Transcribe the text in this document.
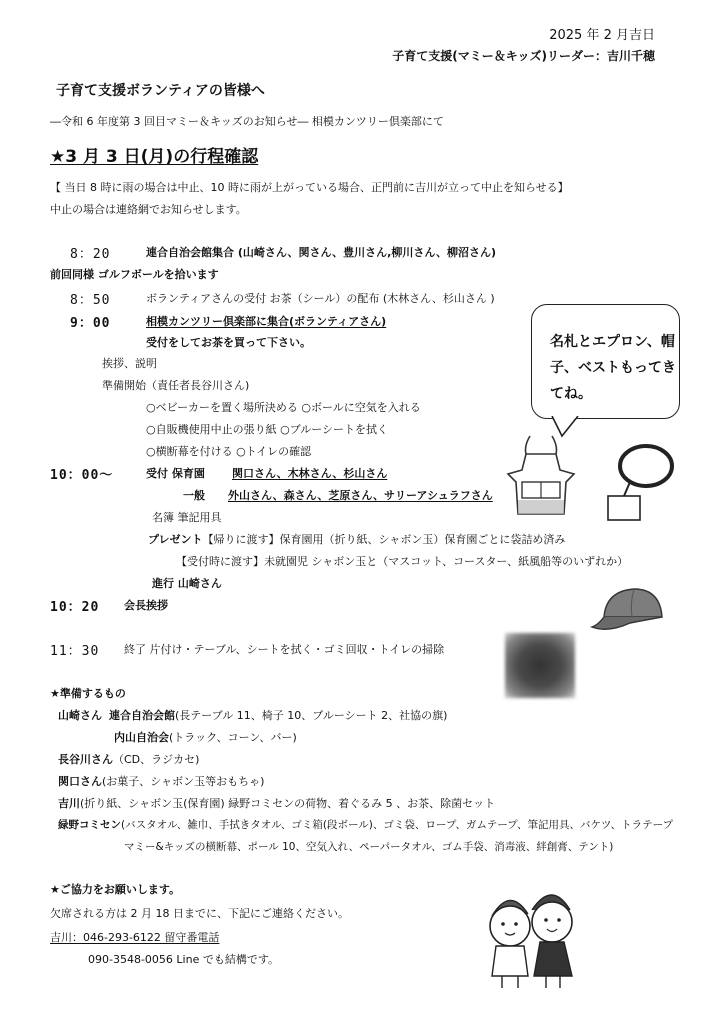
2025 年 2 月吉日
子育て支援(マミー＆キッズ)リーダー：吉川千穂
子育て支援ボランティアの皆様へ
―令和 6 年度第 3 回目マミー＆キッズのお知らせ― 相模カンツリー倶楽部にて
★3 月 3 日(月)の行程確認
【 当日 8 時に雨の場合は中止、10 時に雨が上がっている場合、正門前に吉川が立って中止を知らせる】
中止の場合は連絡網でお知らせします。
8：20	連合自治会館集合 (山崎さん、関さん、豊川さん,柳川さん、柳沼さん)
前回同様 ゴルフボールを拾います
8：50	ボランティアさんの受付 お茶（シール）の配布 (木林さん、杉山さん )
9：00	相模カンツリー倶楽部に集合(ボランティアさん)
受付をしてお茶を買って下さい。
挨拶、説明
準備開始（責任者長谷川さん)
○ベビーカーを置く場所決める ○ボールに空気を入れる
○自販機使用中止の張り紙 ○ブルーシートを拭く
○横断幕を付ける ○トイレの確認
10：00～	受付 保育園 関口さん、木林さん、杉山さん
一般 外山さん、森さん、芝原さん、サリーアシュラフさん
名簿 筆記用具
プレゼント【帰りに渡す】保育園用（折り紙、シャボン玉）保育園ごとに袋詰め済み
【受付時に渡す】未就園児 シャボン玉と（マスコット、コースター、紙風船等のいずれか）
進行 山崎さん
10：20 会長挨拶
11：30 終了 片付け・テーブル、シートを拭く・ゴミ回収・トイレの掃除
名札とエプロン、帽子、ベストもってきてね。
★準備するもの
山崎さん 連合自治会館(長テーブル 11、椅子 10、ブルーシート 2、社協の旗)
内山自治会(トラック、コーン、バー)
長谷川さん（CD、ラジカセ)
関口さん(お菓子、シャボン玉等おもちゃ)
吉川(折り紙、シャボン玉(保育園) 緑野コミセンの荷物、着ぐるみ 5 、お茶、除菌セット
緑野コミセン(バスタオル、雑巾、手拭きタオル、ゴミ箱(段ボール)、ゴミ袋、ロープ、ガムテープ、筆記用具、バケツ、トラテープ
マミー&キッズの横断幕、ポール 10、空気入れ、ペーパータオル、ゴム手袋、消毒液、絆創膏、テント)
★ご協力をお願いします。
欠席される方は 2 月 18 日までに、下記にご連絡ください。
吉川：046-293-6122 留守番電話
090-3548-0056 Line でも結構です。
